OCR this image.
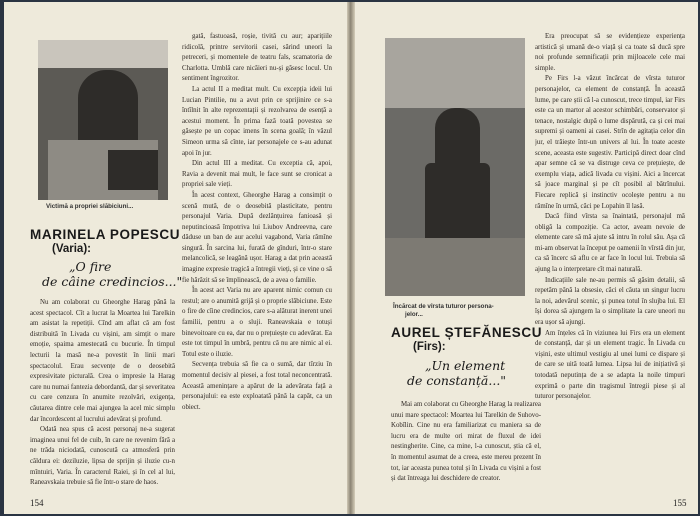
Victimă a propriei slăbiciuni...
MARINELA POPESCU
(Varia):
„O fire
de câine credincios..."

Nu am colaborat cu Gheorghe Harag până la acest spectacol. Cît a lucrat la Moartea lui Tarelkin am asistat la repetiții. Cînd am aflat că am fost distribuită în Livada cu vișini, am simțit o mare emoție, spaima amestecată cu bucurie. În timpul lecturii la masă ne-a povestit în linii mari spectacolul. Erau secvențe de o deosebită expresivitate picturală. Crea o impresie la Harag care nu numai fantezia debordantă, dar și severitatea cu care cenzura în anumite rezolvări, exigența, căutarea dintre cele mai ajungea la acel mic simplu dar încordescent al lucrului adevărat și profund.

Odată nea spus că acest personaj ne-a sugerat imaginea unui fel de cuib, în care ne revenim fără a ne trăda niciodată, cunoscută ca atmosferă prin căldura ei: deziluzie, lipsa de sprijin și iluzie cu-n mîntuiri, Varia. În caracterul Raiei, și în cel al lui, Raneavskaia trebuie să fie într-o stare de haos.

gată, fastuoasă, roșie, tivită cu aur; aparițiile ridicolă, printre servitorii casei, sărind uneori la petreceri, și momentele de teatru fals, scamatoria de Charlotta. Umblă care nicăieri nu-și găsesc locul. Un sentiment îngrozitor.

La actul II a meditat mult. Cu excepția ideii lui Lucian Pintilie, nu a avut prin ce sprijinire ce s-a întîlnit în alte reprezentații și rezolvarea de esență a acestui moment. În prima fază toată povestea se găsește pe un copac imens în scena goală; în văzul Simeon urma să cînte, iar personajele ce s-au adunat apoi în jur.

Din actul III a meditat. Cu exceptia că, apoi, Ravia a devenit mai mult, le face sunt se cronicat a propriei sale vieți.

În acest context, Gheorghe Harag a consimțit o scenă mută, de o deosebită plasticitate, pentru personajul Varia. După dezlănțuirea fanioasă și neputincioasă împotriva lui Liubov Andreevna, care dăduse un ban de aur acelui vagabond, Varia rămîne singură. În sarcina lui, furată de gînduri, într-o stare melancolică, se leagănă ușor. Harag a dat prin această imagine expresie tragică a întregii vieți, și ce vine o să fie hărăzit să se împlinească, de a avea o familie.

În acest act Varia nu are aparent nimic comun cu restul; are o anumită grijă și o proprie slăbiciune. Este o fire de cîine credincios, care s-a alăturat inerent unei familii, pentru a o sluji. Raneavskaia e totuși binevoitoare cu ea, dar nu o prețuiește cu adevărat. Ea este tot timpul în umbră, pentru că nu are nimic al ei. Totul este o iluzie.

Secvența trebuia să fie ca o sumă, dar tîrziu în momentul decisiv al piesei, a fost total neconcentrată. Această amenințare a apărut de la adevărata față a personajului: ea este exploatată până la capăt, ca un obiect.

154
Încărcat de vîrsta tuturor persona-
jelor...
AUREL ȘTEFĂNESCU
(Firs):
„Un element
de constanță..."

Mai am colaborat cu Gheorghe Harag la realizarea unui mare spectacol: Moartea lui Tarelkin de Suhovo-Kobîlin. Cine nu era familiarizat cu maniera sa de lucru era de multe ori mirat de fluxul de idei nestingherite. Cine, ca mine, l-a cunoscut, știa că el, în momentul asumat de a creea, este mereu prezent în tot, iar aceasta punea totul și în Livada cu vișini a fost și dat întreaga lui deschidere de creator.

Era preocupat să se evidențieze experiența artistică și umană de-o viață și ca toate să ducă spre noi profunde semnificații prin mijloacele cele mai simple.

Pe Firs l-a văzut încărcat de vîrsta tuturor personajelor, ca element de constanță. În această lume, pe care știi că l-a cunoscut, trece timpul, iar Firs este ca un martor al acestor schimbări, conservator și tenace, nostalgic după o lume dispărută, ca și cei mai supremi și oameni ai casei. Strîn de agitația celor din jur, el trăiește într-un univers al lui. În toate aceste scene, aceasta este sugestiv. Participă direct doar cînd apar semne că se va distruge ceva ce prețuiește, de exemplu viața, adică livada cu vișini. Aici a încercat să joace marginal și pe cît posibil al bătrînului. Fiecare replică și instinctiv ocolește pentru a nu rămîne în urmă, căci pe Lopahin îl lasă.

Dacă fiind vîrsta sa înaintată, personajul mă obligă la compoziție. Ca actor, aveam nevoie de elemente care să mă ajute să intru în rolul său. Așa că mi-am observat la început pe oamenii în vîrstă din jur, ca să încerc să aflu ce ar face în locul lui. Trebuia să ajung la o interpretare cît mai naturală.

Indicațiile sale ne-au permis să găsim detalii, să repetăm până la obsesie, căci el căuta un singur lucru la noi, adevărul scenic, și punea totul în slujba lui. El își dorea să ajungem la o simplitate la care uneori nu era ușor să ajungi.

Am înțeles că în viziunea lui Firs era un element de constanță, dar și un element tragic. În Livada cu vișini, este ultimul vestigiu al unei lumi ce dispare și de care se uită toată lumea. Lipsa lui de inițiativă și totodată neputința de a se adapta la noile timpuri exprimă o parte din tragismul întregii piese și al tuturor personajelor.

155
